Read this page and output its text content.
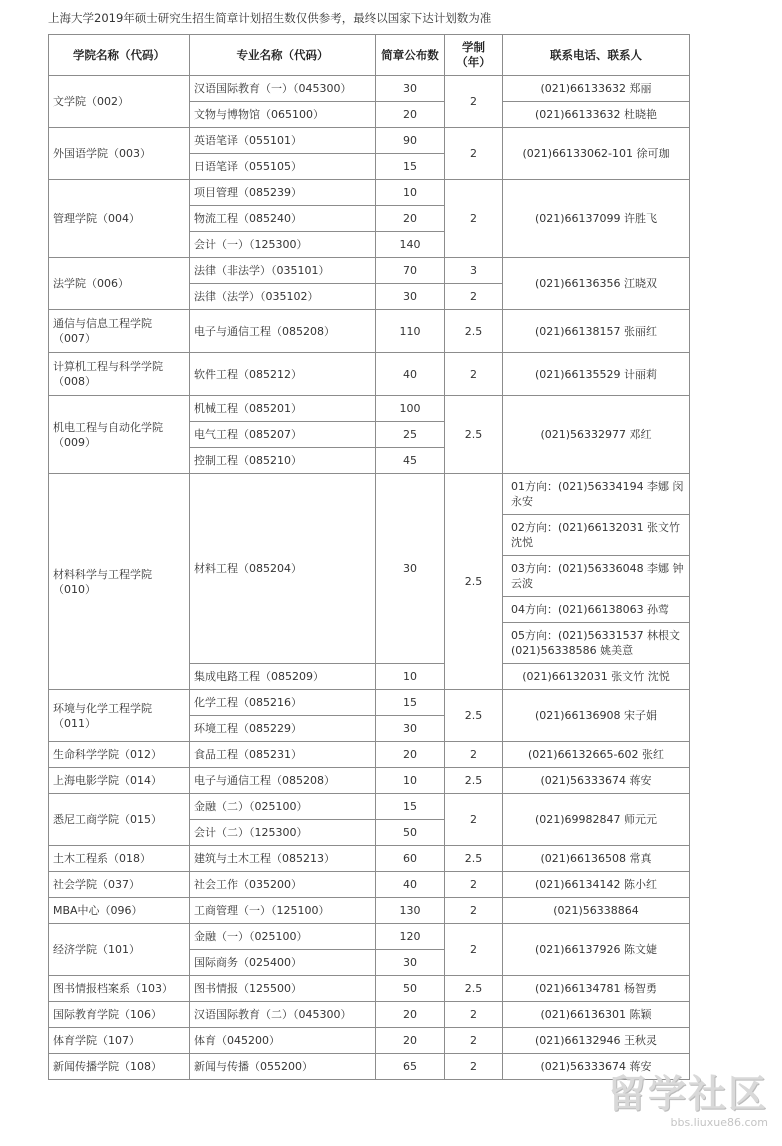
上海大学2019年硕士研究生招生简章计划招生数仅供参考，最终以国家下达计划数为准
学院名称（代码）	专业名称（代码）	简章公布数	学制（年）	联系电话、联系人
文学院（002）	汉语国际教育（一）（045300）	30	2	(021)66133632 郑丽
	文物与博物馆（065100）	20		(021)66133632 杜晓艳
外国语学院（003）	英语笔译（055101）	90	2	(021)66133062-101 徐可珈
	日语笔译（055105）	15		
管理学院（004）	项目管理（085239）	10	2	(021)66137099 许胜飞
	物流工程（085240）	20		
	会计（一）（125300）	140		
法学院（006）	法律（非法学）（035101）	70	3	(021)66136356 江晓双
	法律（法学）（035102）	30	2	
通信与信息工程学院（007）	电子与通信工程（085208）	110	2.5	(021)66138157 张丽红
计算机工程与科学学院（008）	软件工程（085212）	40	2	(021)66135529 计丽莉
机电工程与自动化学院（009）	机械工程（085201）	100	2.5	(021)56332977 邓红
	电气工程（085207）	25		
	控制工程（085210）	45		
材料科学与工程学院（010）	材料工程（085204）	30	2.5	01方向：(021)56334194 李娜 闵永安
				02方向：(021)66132031 张文竹 沈悦
				03方向：(021)56336048 李娜 钟云波
				04方向：(021)66138063 孙莺
				05方向：(021)56331537 林根文 (021)56338586 姚美意
	集成电路工程（085209）	10		(021)66132031 张文竹 沈悦
环境与化学工程学院（011）	化学工程（085216）	15	2.5	(021)66136908 宋子娟
	环境工程（085229）	30		
生命科学学院（012）	食品工程（085231）	20	2	(021)66132665-602 张红
上海电影学院（014）	电子与通信工程（085208）	10	2.5	(021)56333674 蒋安
悉尼工商学院（015）	金融（二）（025100）	15	2	(021)69982847 师元元
	会计（二）（125300）	50		
土木工程系（018）	建筑与土木工程（085213）	60	2.5	(021)66136508 常真
社会学院（037）	社会工作（035200）	40	2	(021)66134142 陈小红
MBA中心（096）	工商管理（一）（125100）	130	2	(021)56338864
经济学院（101）	金融（一）（025100）	120	2	(021)66137926 陈文婕
	国际商务（025400）	30		
图书情报档案系（103）	图书情报（125500）	50	2.5	(021)66134781 杨智勇
国际教育学院（106）	汉语国际教育（二）（045300）	20	2	(021)66136301 陈颖
体育学院（107）	体育（045200）	20	2	(021)66132946 王秋灵
新闻传播学院（108）	新闻与传播（055200）	65	2	(021)56333674 蒋安
留学社区
bbs.liuxue86.com
